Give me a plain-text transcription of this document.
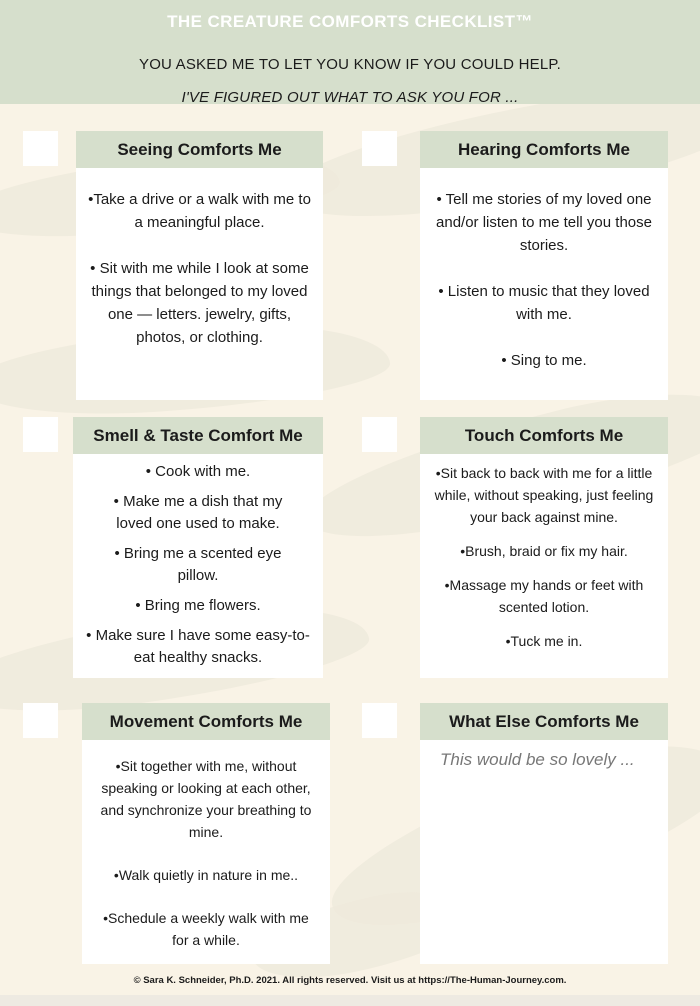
THE CREATURE COMFORTS CHECKLIST™
YOU ASKED ME TO LET YOU KNOW IF YOU COULD HELP.
I'VE FIGURED OUT WHAT TO ASK YOU FOR ...
Seeing Comforts Me

•Take a drive or a walk with me to a meaningful place.

• Sit with me while I look at some things that belonged to my loved one — letters. jewelry, gifts, photos, or clothing.

Hearing Comforts Me

• Tell me stories of my loved one and/or listen to me tell you those stories.

• Listen to music that they loved with me.

• Sing to me.

Smell & Taste Comfort Me

• Cook with me.

• Make me a dish that my loved one used to make.

• Bring me a scented eye pillow.

• Bring me flowers.

• Make sure I have some easy-to-eat healthy snacks.

Touch Comforts Me

•Sit back to back with me for a little while, without speaking, just feeling your back against mine.

•Brush, braid or fix my hair.

•Massage my hands or feet with scented lotion.

•Tuck me in.

Movement Comforts Me

•Sit together with me, without speaking or looking at each other, and synchronize your breathing to mine.

•Walk quietly in nature in me..

•Schedule a weekly walk with me for a while.

What Else Comforts Me
This would be so lovely ...
© Sara K. Schneider, Ph.D. 2021. All rights reserved. Visit us at https://The-Human-Journey.com.
